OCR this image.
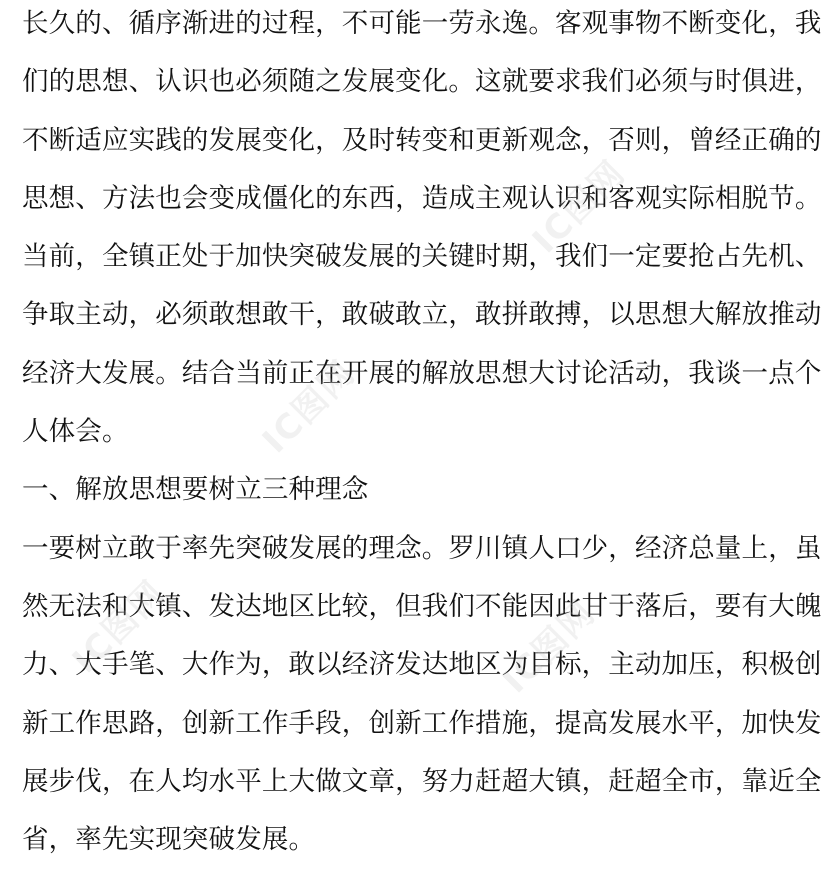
长久的、循序渐进的过程，不可能一劳永逸。客观事物不断变化，我
们的思想、认识也必须随之发展变化。这就要求我们必须与时俱进，
不断适应实践的发展变化，及时转变和更新观念，否则，曾经正确的
思想、方法也会变成僵化的东西，造成主观认识和客观实际相脱节。
当前，全镇正处于加快突破发展的关键时期，我们一定要抢占先机、
争取主动，必须敢想敢干，敢破敢立，敢拼敢搏，以思想大解放推动
经济大发展。结合当前正在开展的解放思想大讨论活动，我谈一点个
人体会。
一、解放思想要树立三种理念
一要树立敢于率先突破发展的理念。罗川镇人口少，经济总量上，虽
然无法和大镇、发达地区比较，但我们不能因此甘于落后，要有大魄
力、大手笔、大作为，敢以经济发达地区为目标，主动加压，积极创
新工作思路，创新工作手段，创新工作措施，提高发展水平，加快发
展步伐，在人均水平上大做文章，努力赶超大镇，赶超全市，靠近全
省，率先实现突破发展。
IC图网
IC图网
IC图网
IC图网
